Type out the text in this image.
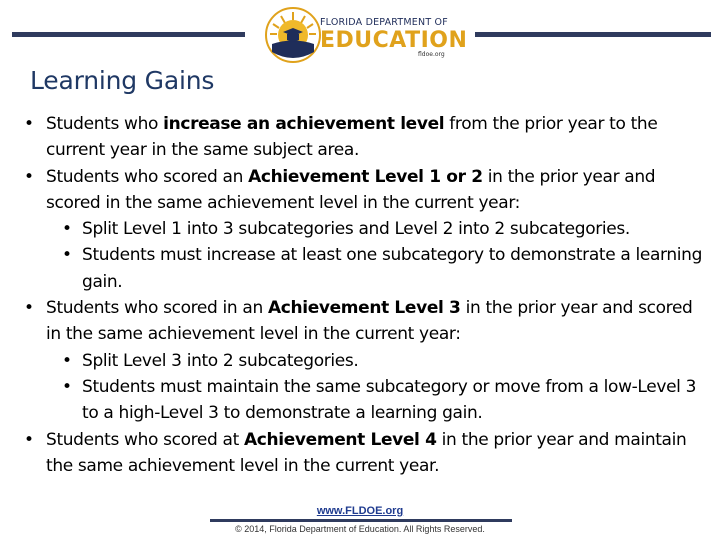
FLORIDA DEPARTMENT OF
EDUCATION
fldoe.org
Learning Gains
• Students who increase an achievement level from the prior year to the current year in the same subject area.
• Students who scored an Achievement Level 1 or 2 in the prior year and scored in the same achievement level in the current year:
• Split Level 1 into 3 subcategories and Level 2 into 2 subcategories.
• Students must increase at least one subcategory to demonstrate a learning gain.
• Students who scored in an Achievement Level 3 in the prior year and scored in the same achievement level in the current year:
• Split Level 3 into 2 subcategories.
• Students must maintain the same subcategory or move from a low-Level 3 to a high-Level 3 to demonstrate a learning gain.
• Students who scored at Achievement Level 4 in the prior year and maintain the same achievement level in the current year.
www.FLDOE.org
© 2014, Florida Department of Education. All Rights Reserved.
